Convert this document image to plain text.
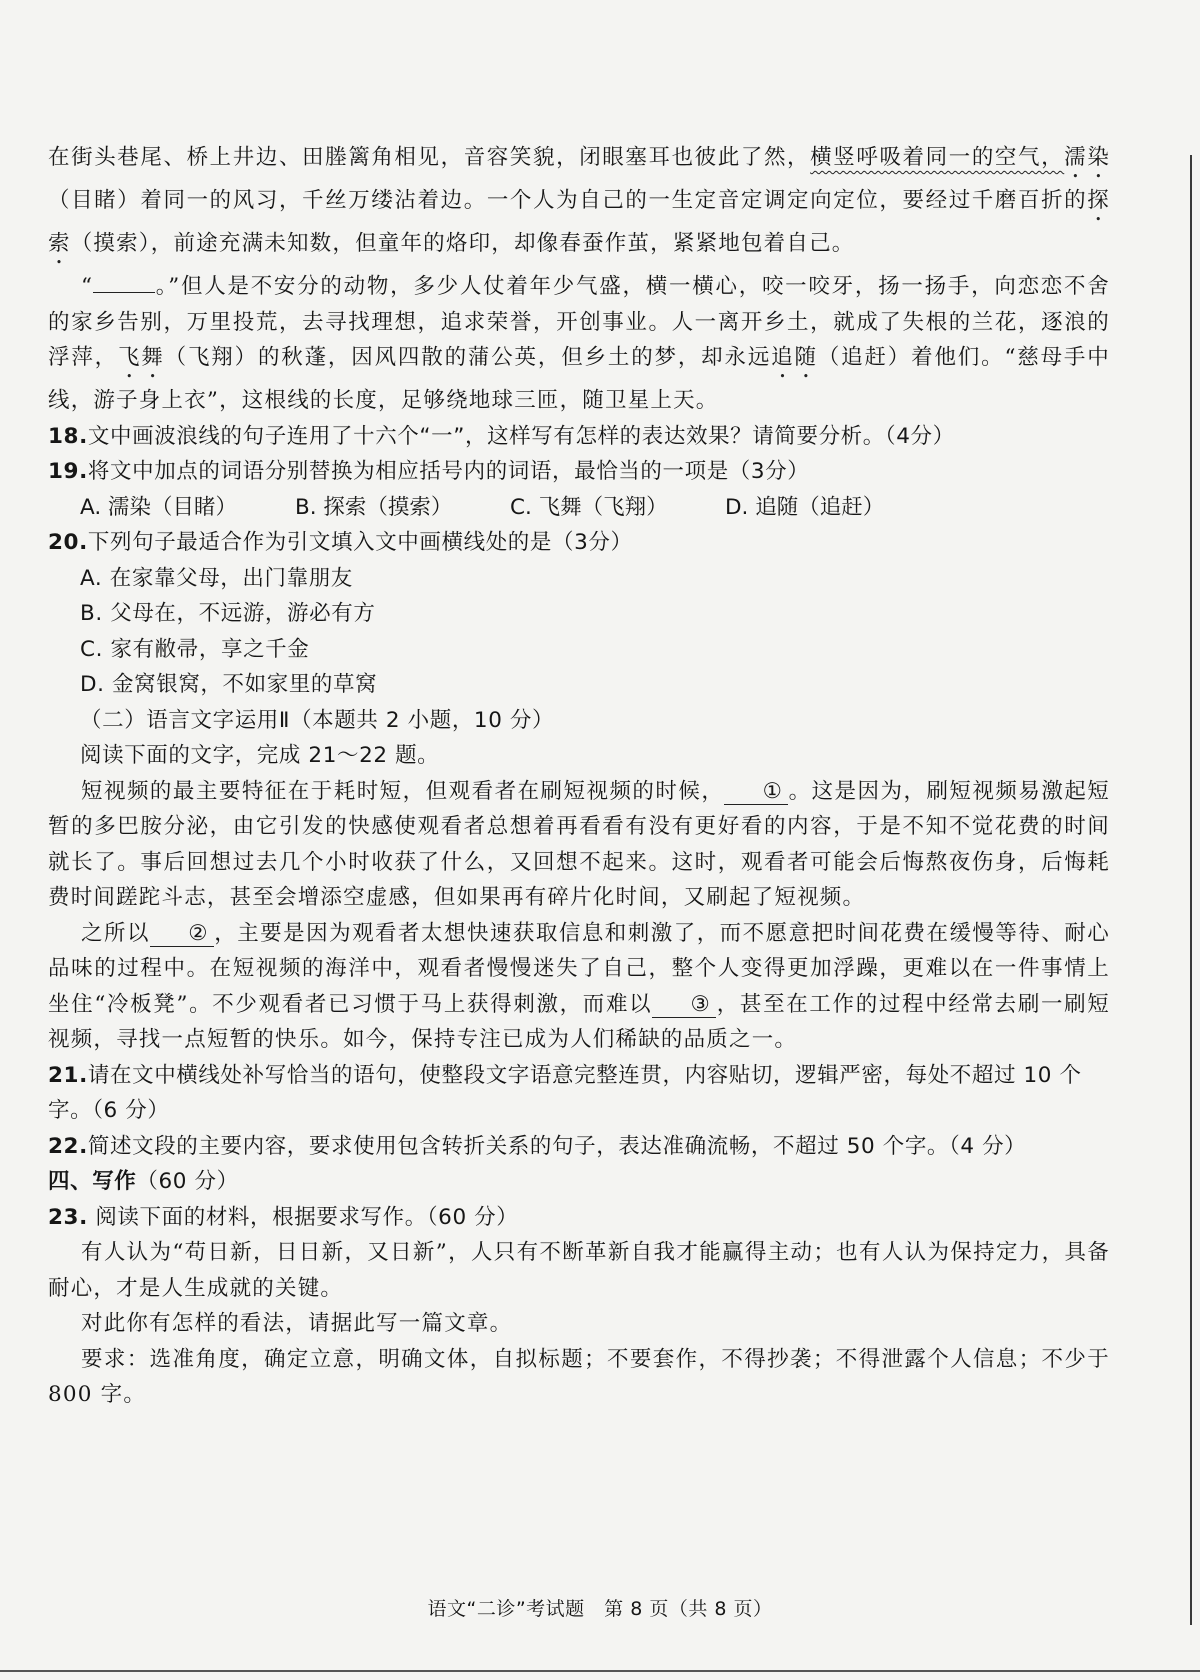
在街头巷尾、桥上井边、田塍篱角相见，音容笑貌，闭眼塞耳也彼此了然，横竖呼吸着同一的空气，濡染（目睹）着同一的风习，千丝万缕沾着边。一个人为自己的一生定音定调定向定位，要经过千磨百折的探索（摸索），前途充满未知数，但童年的烙印，却像春蚕作茧，紧紧地包着自己。

“	。”但人是不安分的动物，多少人仗着年少气盛，横一横心，咬一咬牙，扬一扬手，向恋恋不舍的家乡告别，万里投荒，去寻找理想，追求荣誉，开创事业。人一离开乡土，就成了失根的兰花，逐浪的浮萍，飞舞（飞翔）的秋蓬，因风四散的蒲公英，但乡土的梦，却永远追随（追赶）着他们。“慈母手中线，游子身上衣”，这根线的长度，足够绕地球三匝，随卫星上天。

18.文中画波浪线的句子连用了十六个“一”，这样写有怎样的表达效果？请简要分析。（4分）

19.将文中加点的词语分别替换为相应括号内的词语，最恰当的一项是（3分）

A. 濡染（目睹）	B. 探索（摸索）	C. 飞舞（飞翔）	D. 追随（追赶）

20.下列句子最适合作为引文填入文中画横线处的是（3分）

A. 在家靠父母，出门靠朋友

B. 父母在，不远游，游必有方

C. 家有敝帚，享之千金

D. 金窝银窝，不如家里的草窝

（二）语言文字运用Ⅱ（本题共 2 小题，10 分）

阅读下面的文字，完成 21～22 题。

短视频的最主要特征在于耗时短，但观看者在刷短视频的时候， ① 。这是因为，刷短视频易激起短暂的多巴胺分泌，由它引发的快感使观看者总想着再看看有没有更好看的内容，于是不知不觉花费的时间就长了。事后回想过去几个小时收获了什么，又回想不起来。这时，观看者可能会后悔熬夜伤身，后悔耗费时间蹉跎斗志，甚至会增添空虚感，但如果再有碎片化时间，又刷起了短视频。

之所以 ② ，主要是因为观看者太想快速获取信息和刺激了，而不愿意把时间花费在缓慢等待、耐心品味的过程中。在短视频的海洋中，观看者慢慢迷失了自己，整个人变得更加浮躁，更难以在一件事情上坐住“冷板凳”。不少观看者已习惯于马上获得刺激，而难以 ③ ，甚至在工作的过程中经常去刷一刷短视频，寻找一点短暂的快乐。如今，保持专注已成为人们稀缺的品质之一。

21.请在文中横线处补写恰当的语句，使整段文字语意完整连贯，内容贴切，逻辑严密，每处不超过 10 个字。（6 分）

22.简述文段的主要内容，要求使用包含转折关系的句子，表达准确流畅，不超过 50 个字。（4 分）

四、写作（60 分）

23. 阅读下面的材料，根据要求写作。（60 分）

有人认为“苟日新，日日新，又日新”，人只有不断革新自我才能赢得主动；也有人认为保持定力，具备耐心，才是人生成就的关键。

对此你有怎样的看法，请据此写一篇文章。

要求：选准角度，确定立意，明确文体，自拟标题；不要套作，不得抄袭；不得泄露个人信息；不少于 800 字。

语文“二诊”考试题　第 8 页（共 8 页）
